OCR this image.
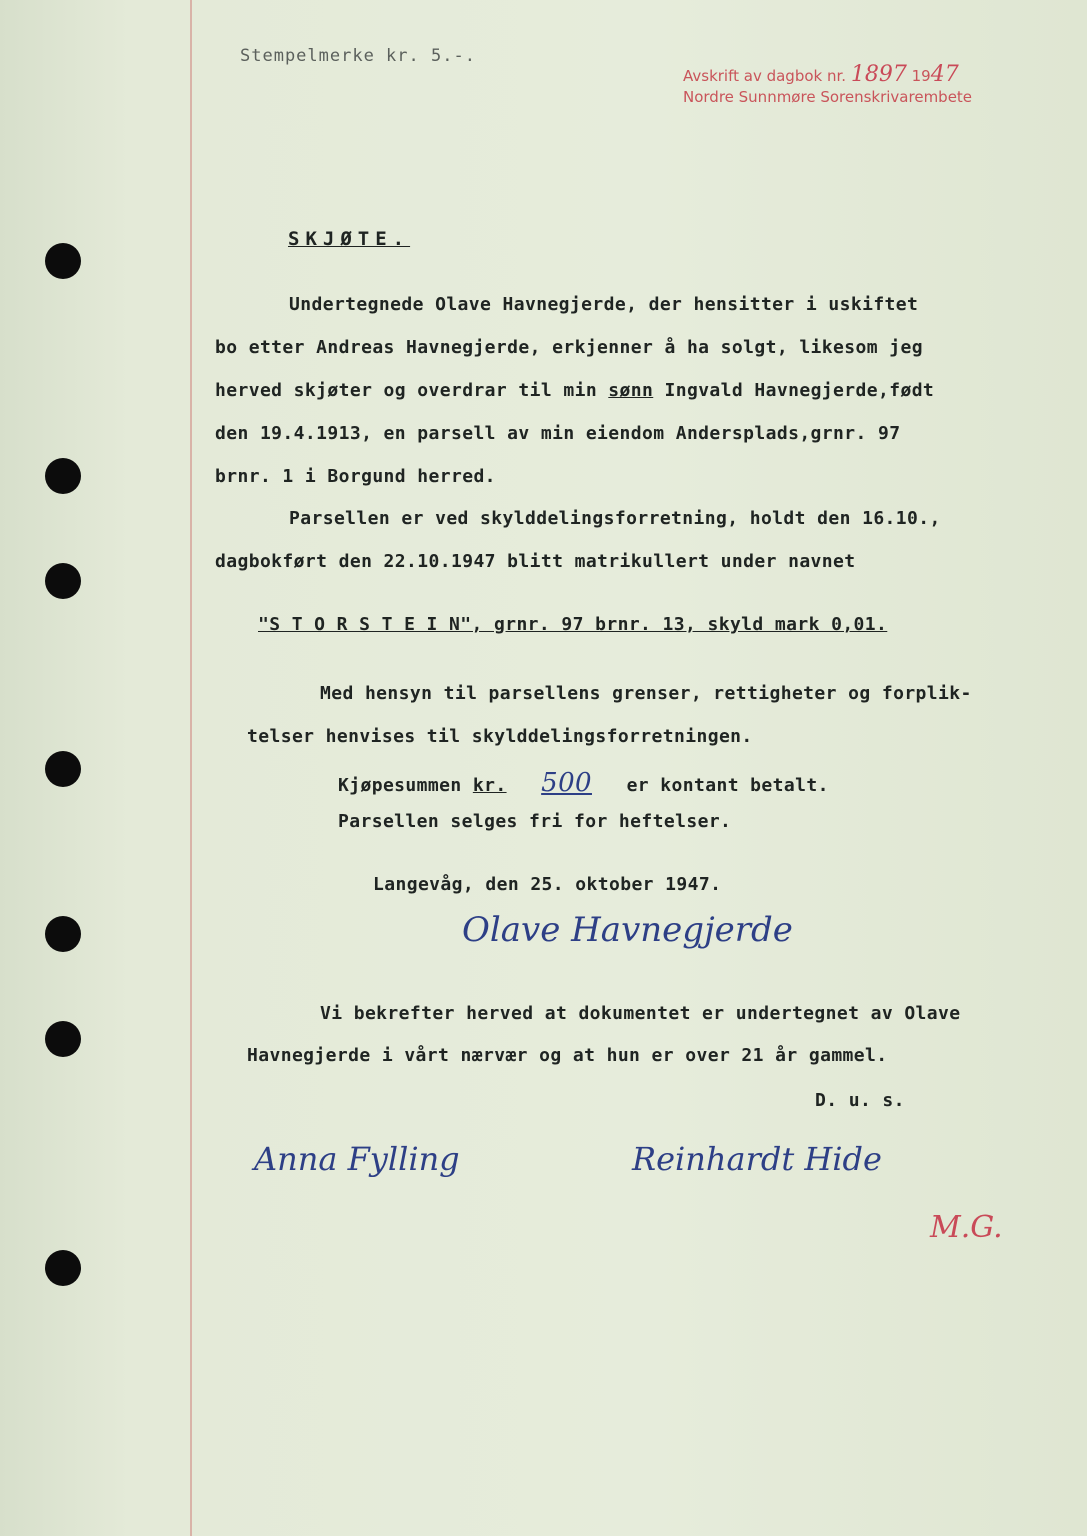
Stempelmerke kr. 5.-.
Avskrift av dagbok nr. 1897 1947
Nordre Sunnmøre Sorenskrivarembete
SKJØTE.
Undertegnede Olave Havnegjerde, der hensitter i uskiftet
bo etter Andreas Havnegjerde, erkjenner å ha solgt, likesom jeg
herved skjøter og overdrar til min sønn Ingvald Havnegjerde,født
den 19.4.1913, en parsell av min eiendom Andersplads,grnr. 97
brnr. 1 i Borgund herred.
Parsellen er ved skylddelingsforretning, holdt den 16.10.,
dagbokført den 22.10.1947 blitt matrikullert under navnet
"S T O R S T E I N", grnr. 97 brnr. 13, skyld mark 0,01.
Med hensyn til parsellens grenser, rettigheter og forplik-
telser henvises til skylddelingsforretningen.
Kjøpesummen kr. 500 er kontant betalt.
Parsellen selges fri for heftelser.
Langevåg, den 25. oktober 1947.
Olave Havnegjerde
Vi bekrefter herved at dokumentet er undertegnet av Olave
Havnegjerde i vårt nærvær og at hun er over 21 år gammel.
D. u. s.
Anna Fylling	Reinhardt Hide
M.G.
